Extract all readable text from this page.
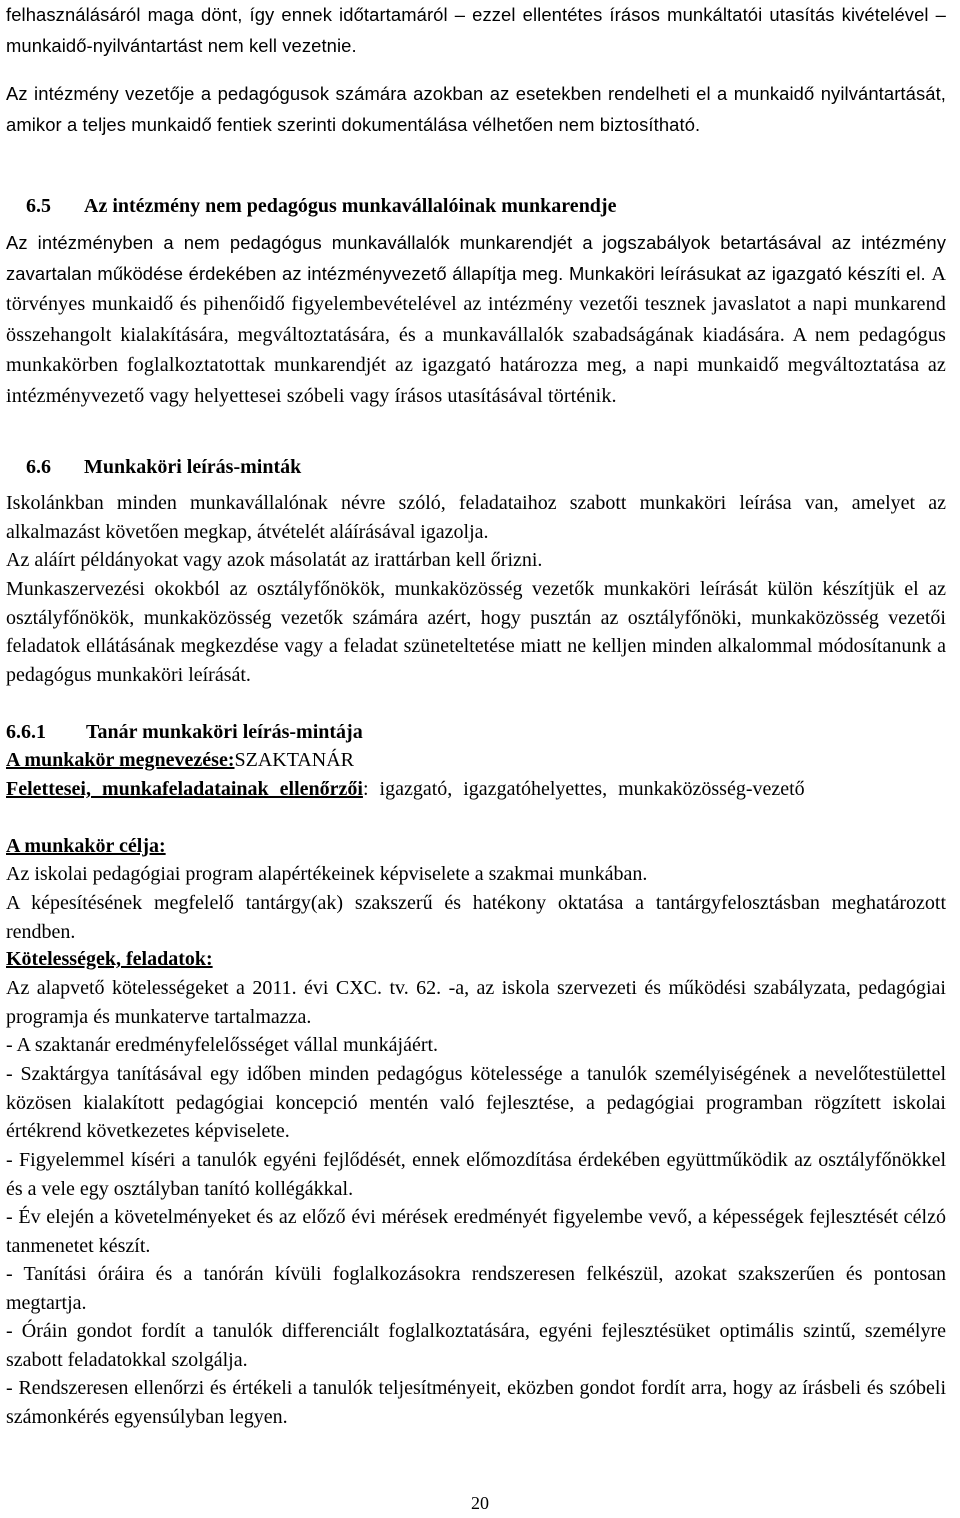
felhasználásáról maga dönt, így ennek időtartamáról – ezzel ellentétes írásos munkáltatói utasítás kivételével – munkaidő-nyilvántartást nem kell vezetnie.

Az intézmény vezetője a pedagógusok számára azokban az esetekben rendelheti el a munkaidő nyilvántartását, amikor a teljes munkaidő fentiek szerinti dokumentálása vélhetően nem biztosítható.

6.5 Az intézmény nem pedagógus munkavállalóinak munkarendje

Az intézményben a nem pedagógus munkavállalók munkarendjét a jogszabályok betartásával az intézmény zavartalan működése érdekében az intézményvezető állapítja meg. Munkaköri leírásukat az igazgató készíti el. A törvényes munkaidő és pihenőidő figyelembevételével az intézmény vezetői tesznek javaslatot a napi munkarend összehangolt kialakítására, megváltoztatására, és a munkavállalók szabadságának kiadására. A nem pedagógus munkakörben foglalkoztatottak munkarendjét az igazgató határozza meg, a napi munkaidő megváltoztatása az intézményvezető vagy helyettesei szóbeli vagy írásos utasításával történik.

6.6 Munkaköri leírás-minták

Iskolánkban minden munkavállalónak névre szóló, feladataihoz szabott munkaköri leírása van, amelyet az alkalmazást követően megkap, átvételét aláírásával igazolja.

Az aláírt példányokat vagy azok másolatát az irattárban kell őrizni.

Munkaszervezési okokból az osztályfőnökök, munkaközösség vezetők munkaköri leírását külön készítjük el az osztályfőnökök, munkaközösség vezetők számára azért, hogy pusztán az osztályfőnöki, munkaközösség vezetői feladatok ellátásának megkezdése vagy a feladat szüneteltetése miatt ne kelljen minden alkalommal módosítanunk a pedagógus munkaköri leírását.

6.6.1 Tanár munkaköri leírás-mintája

A munkakör megnevezése:SZAKTANÁR

Felettesei, munkafeladatainak ellenőrzői: igazgató, igazgatóhelyettes, munkaközösség-vezető

A munkakör célja:

Az iskolai pedagógiai program alapértékeinek képviselete a szakmai munkában.

A képesítésének megfelelő tantárgy(ak) szakszerű és hatékony oktatása a tantárgyfelosztásban meghatározott rendben.

Kötelességek, feladatok:

Az alapvető kötelességeket a 2011. évi CXC. tv. 62. -a, az iskola szervezeti és működési szabályzata, pedagógiai programja és munkaterve tartalmazza.

- A szaktanár eredményfelelősséget vállal munkájáért.

- Szaktárgya tanításával egy időben minden pedagógus kötelessége a tanulók személyiségének a nevelőtestülettel közösen kialakított pedagógiai koncepció mentén való fejlesztése, a pedagógiai programban rögzített iskolai értékrend következetes képviselete.

- Figyelemmel kíséri a tanulók egyéni fejlődését, ennek előmozdítása érdekében együttműködik az osztályfőnökkel és a vele egy osztályban tanító kollégákkal.

- Év elején a követelményeket és az előző évi mérések eredményét figyelembe vevő, a képességek fejlesztését célzó tanmenetet készít.

- Tanítási óráira és a tanórán kívüli foglalkozásokra rendszeresen felkészül, azokat szakszerűen és pontosan megtartja.

- Óráin gondot fordít a tanulók differenciált foglalkoztatására, egyéni fejlesztésüket optimális szintű, személyre szabott feladatokkal szolgálja.

- Rendszeresen ellenőrzi és értékeli a tanulók teljesítményeit, eközben gondot fordít arra, hogy az írásbeli és szóbeli számonkérés egyensúlyban legyen.

20
